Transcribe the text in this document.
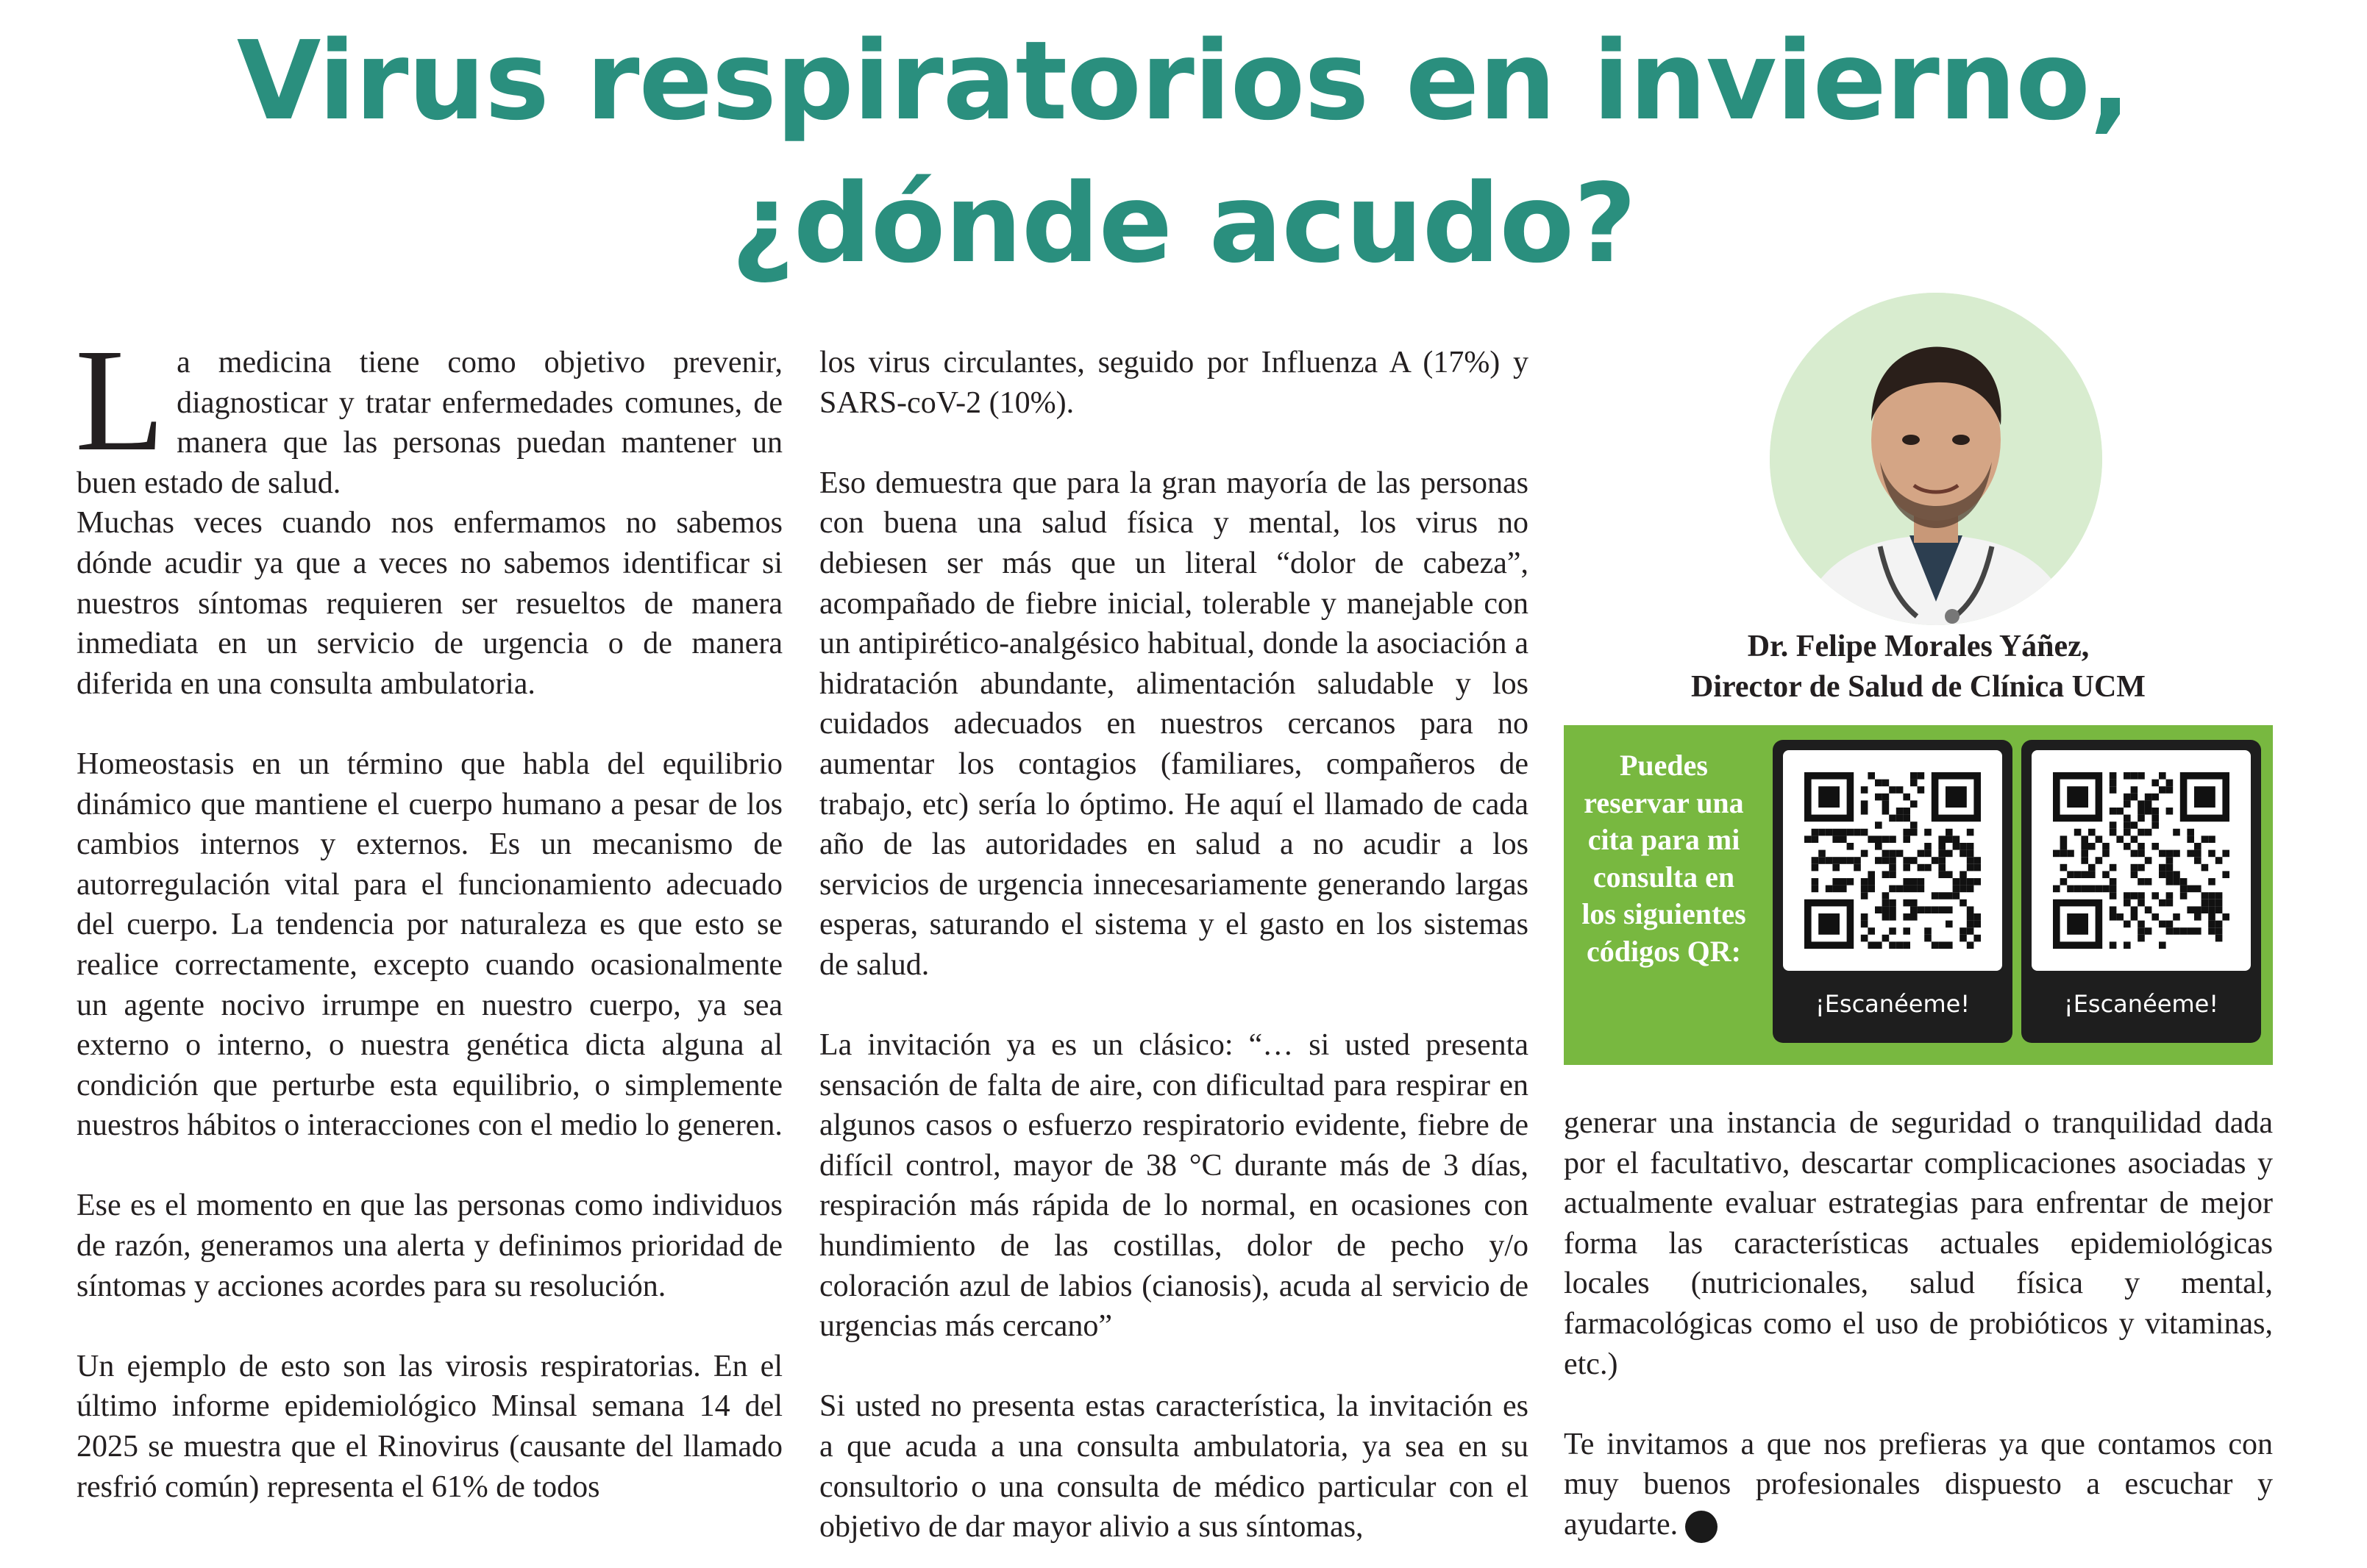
Virus respiratorios en invierno,
¿dónde acudo?

La medicina tiene como objetivo prevenir, diagnosticar y tratar enfermedades comunes, de manera que las personas puedan mantener un buen estado de salud.

Muchas veces cuando nos enfermamos no sabemos dónde acudir ya que a veces no sabemos identificar si nuestros síntomas requieren ser resueltos de manera inmediata en un servicio de urgencia o de manera diferida en una consulta ambulatoria.

Homeostasis en un término que habla del equilibrio dinámico que mantiene el cuerpo humano a pesar de los cambios internos y externos. Es un mecanismo de autorregulación vital para el funcionamiento adecuado del cuerpo. La tendencia por naturaleza es que esto se realice correctamente, excepto cuando ocasionalmente un agente nocivo irrumpe en nuestro cuerpo, ya sea externo o interno, o nuestra genética dicta alguna al condición que perturbe esta equilibrio, o simplemente nuestros hábitos o interacciones con el medio lo generen.

Ese es el momento en que las personas como individuos de razón, generamos una alerta y definimos prioridad de síntomas y acciones acordes para su resolución.

Un ejemplo de esto son las virosis respiratorias. En el último informe epidemiológico Minsal semana 14 del 2025 se muestra que el Rinovirus (causante del llamado resfrió común) representa el 61% de todos

los virus circulantes, seguido por Influenza A (17%) y SARS-coV-2 (10%).

Eso demuestra que para la gran mayoría de las personas con buena una salud física y mental, los virus no debiesen ser más que un literal “dolor de cabeza”, acompañado de fiebre inicial, tolerable y manejable con un antipirético-analgésico habitual, donde la asociación a hidratación abundante, alimentación saludable y los cuidados adecuados en nuestros cercanos para no aumentar los contagios (familiares, compañeros de trabajo, etc) sería lo óptimo. He aquí el llamado de cada año de las autoridades en salud a no acudir a los servicios de urgencia innecesariamente generando largas esperas, saturando el sistema y el gasto en los sistemas de salud.

La invitación ya es un clásico: “… si usted presenta sensación de falta de aire, con dificultad para respirar en algunos casos o esfuerzo respiratorio evidente, fiebre de difícil control, mayor de 38 °C durante más de 3 días, respiración más rápida de lo normal, en ocasiones con hundimiento de las costillas, dolor de pecho y/o coloración azul de labios (cianosis), acuda al servicio de urgencias más cercano”

Si usted no presenta estas característica, la invitación es a que acuda a una consulta ambulatoria, ya sea en su consultorio o una consulta de médico particular con el objetivo de dar mayor alivio a sus síntomas,

Dr. Felipe Morales Yáñez,
Director de Salud de Clínica UCM

Puedes reservar una cita para mi consulta en los siguientes códigos QR:

¡Escanéeme!	¡Escanéeme!

generar una instancia de seguridad o tranquilidad dada por el facultativo, descartar complicaciones asociadas y actualmente evaluar estrategias para enfrentar de mejor forma las características actuales epidemiológicas locales (nutricionales, salud física y mental, farmacológicas como el uso de probióticos y vitaminas, etc.)

Te invitamos a que nos prefieras ya que contamos con muy buenos profesionales dispuesto a escuchar y ayudarte.
